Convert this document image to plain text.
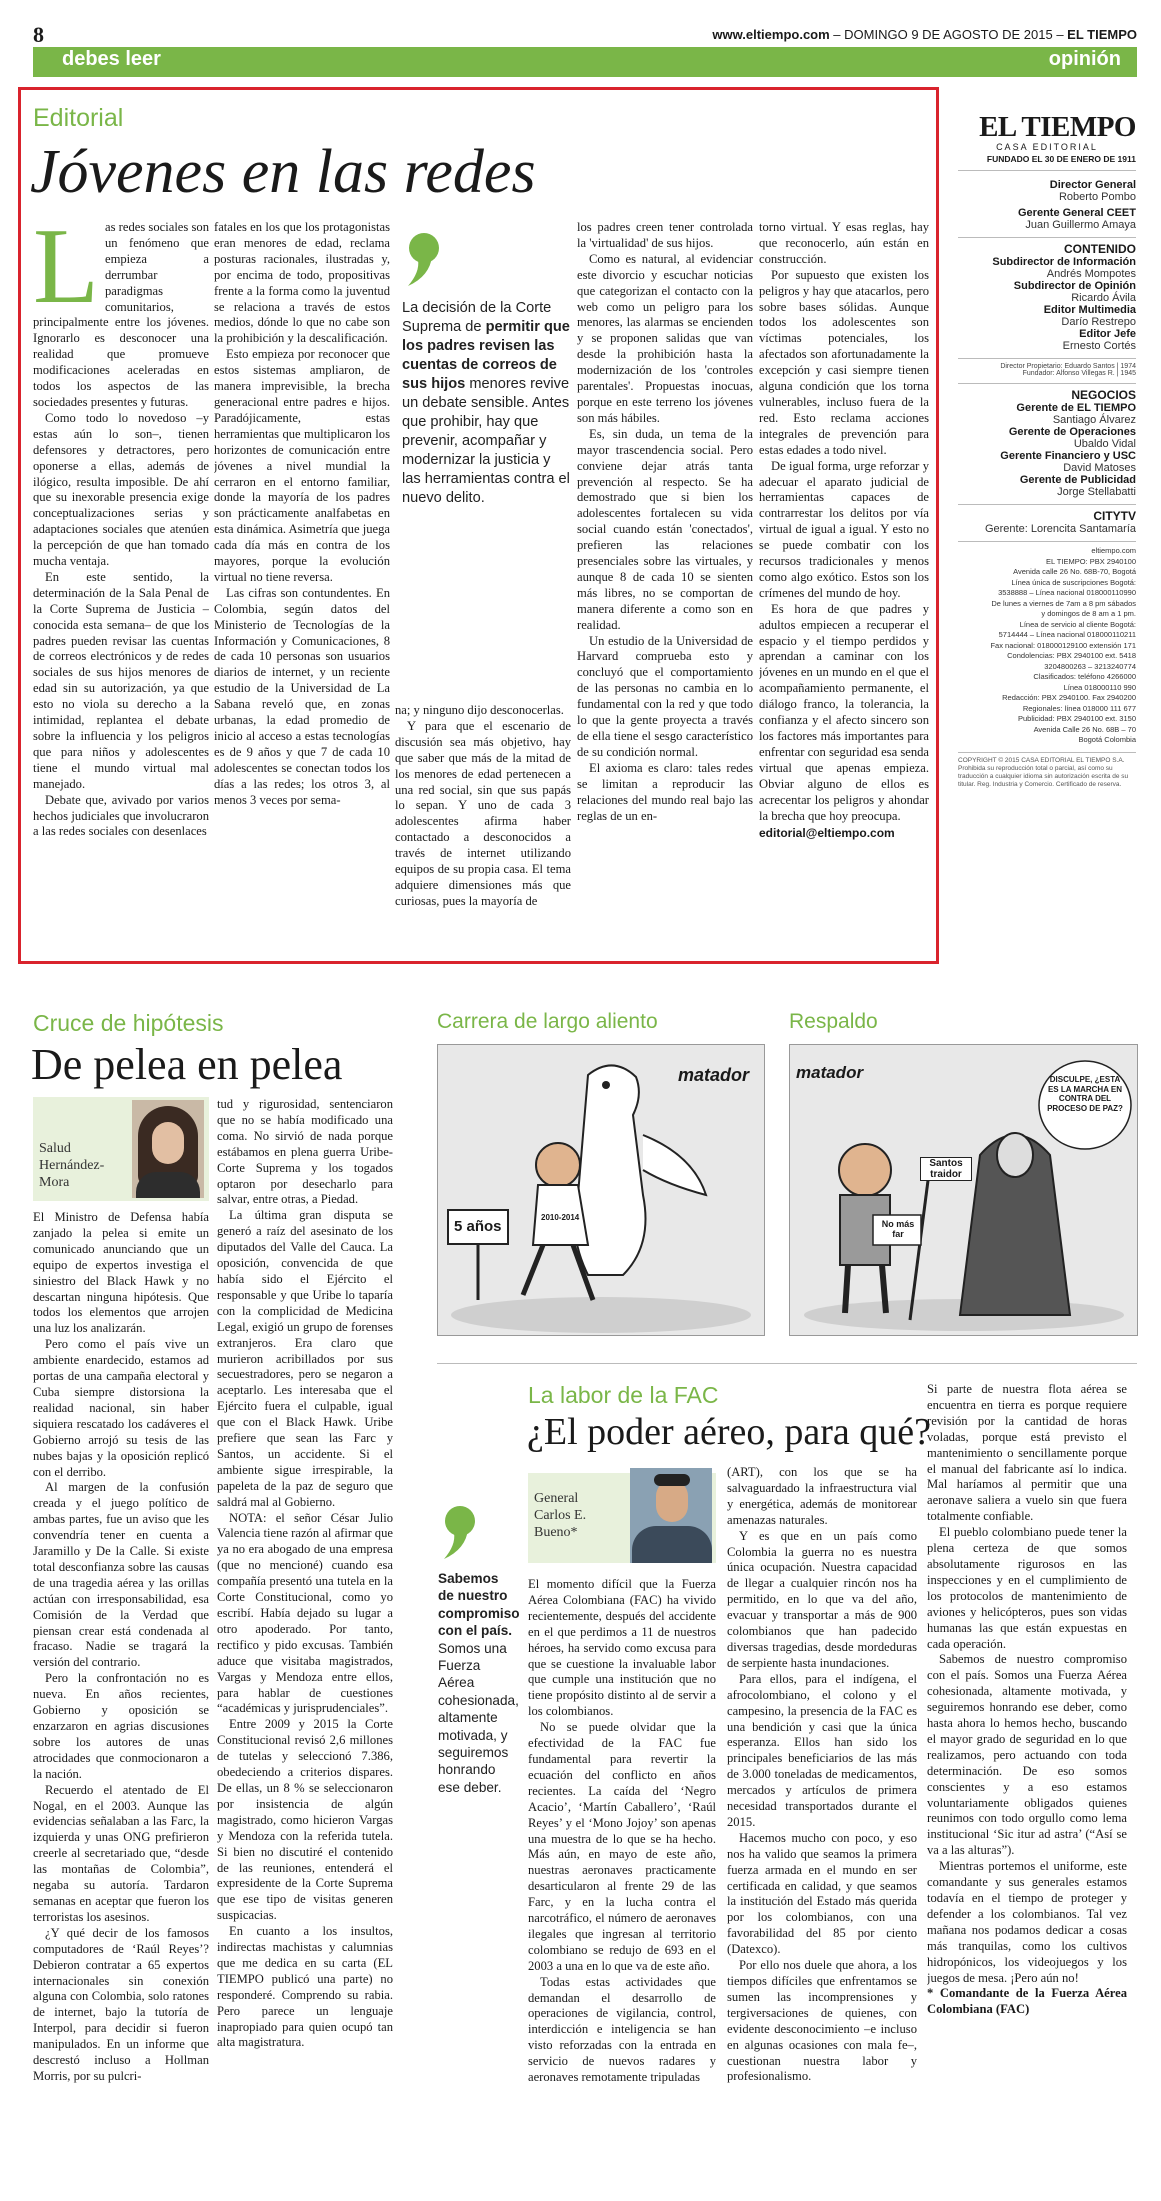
8	www.eltiempo.com – DOMINGO 9 DE AGOSTO DE 2015 – EL TIEMPO
debes leer	opinión
Editorial
Jóvenes en las redes
L as redes sociales son un fenómeno que empieza a derrumbar paradigmas comunitarios, principalmente entre los jóvenes. Ignorarlo es desconocer una realidad que promueve modificaciones aceleradas en todos los aspectos de las sociedades presentes y futuras.

Como todo lo novedoso –y estas aún lo son–, tienen defensores y detractores, pero oponerse a ellas, además de ilógico, resulta imposible. De ahí que su inexorable presencia exige conceptualizaciones serias y adaptaciones sociales que atenúen la percepción de que han tomado mucha ventaja.

En este sentido, la determinación de la Sala Penal de la Corte Suprema de Justicia –conocida esta semana– de que los padres pueden revisar las cuentas de correos electrónicos y de redes sociales de sus hijos menores de edad sin su autorización, ya que esto no viola su derecho a la intimidad, replantea el debate sobre la influencia y los peligros que para niños y adolescentes tiene el mundo virtual mal manejado.

Debate que, avivado por varios hechos judiciales que involucraron a las redes sociales con desenlaces

fatales en los que los protagonistas eran menores de edad, reclama posturas racionales, ilustradas y, por encima de todo, propositivas frente a la forma como la juventud se relaciona a través de estos medios, dónde lo que no cabe son la prohibición y la descalificación.

Esto empieza por reconocer que estos sistemas ampliaron, de manera imprevisible, la brecha generacional entre padres e hijos. Paradójicamente, estas herramientas que multiplicaron los horizontes de comunicación entre jóvenes a nivel mundial la cerraron en el entorno familiar, donde la mayoría de los padres son prácticamente analfabetas en esta dinámica. Asimetría que juega cada día más en contra de los mayores, porque la evolución virtual no tiene reversa.

Las cifras son contundentes. En Colombia, según datos del Ministerio de Tecnologías de la Información y Comunicaciones, 8 de cada 10 personas son usuarios diarios de internet, y un reciente estudio de la Universidad de La Sabana reveló que, en zonas urbanas, la edad promedio de inicio al acceso a estas tecnologías es de 9 años y que 7 de cada 10 adolescentes se conectan todos los días a las redes; los otros 3, al menos 3 veces por sema-

La decisión de la Corte Suprema de permitir que los padres revisen las cuentas de correos de sus hijos menores revive un debate sensible. Antes que prohibir, hay que prevenir, acompañar y modernizar la justicia y las herramientas contra el nuevo delito.

na; y ninguno dijo desconocerlas.

Y para que el escenario de discusión sea más objetivo, hay que saber que más de la mitad de los menores de edad pertenecen a una red social, sin que sus papás lo sepan. Y uno de cada 3 adolescentes afirma haber contactado a desconocidos a través de internet utilizando equipos de su propia casa. El tema adquiere dimensiones más que curiosas, pues la mayoría de

los padres creen tener controlada la 'virtualidad' de sus hijos.

Como es natural, al evidenciar este divorcio y escuchar noticias que categorizan el contacto con la web como un peligro para los menores, las alarmas se encienden y se proponen salidas que van desde la prohibición hasta la modernización de los 'controles parentales'. Propuestas inocuas, porque en este terreno los jóvenes son más hábiles.

Es, sin duda, un tema de la mayor trascendencia social. Pero conviene dejar atrás tanta prevención al respecto. Se ha demostrado que si bien los adolescentes fortalecen su vida social cuando están 'conectados', prefieren las relaciones presenciales sobre las virtuales, y aunque 8 de cada 10 se sienten más libres, no se comportan de manera diferente a como son en realidad.

Un estudio de la Universidad de Harvard comprueba esto y concluyó que el comportamiento de las personas no cambia en lo fundamental con la red y que todo lo que la gente proyecta a través de ella tiene el sesgo característico de su condición normal.

El axioma es claro: tales redes se limitan a reproducir las relaciones del mundo real bajo las reglas de un en-

torno virtual. Y esas reglas, hay que reconocerlo, aún están en construcción.

Por supuesto que existen los peligros y hay que atacarlos, pero sobre bases sólidas. Aunque todos los adolescentes son víctimas potenciales, los afectados son afortunadamente la excepción y casi siempre tienen alguna condición que los torna vulnerables, incluso fuera de la red. Esto reclama acciones integrales de prevención para estas edades a todo nivel.

De igual forma, urge reforzar y adecuar el aparato judicial de herramientas capaces de contrarrestar los delitos por vía virtual de igual a igual. Y esto no se puede combatir con los recursos tradicionales y menos como algo exótico. Estos son los crímenes del mundo de hoy.

Es hora de que padres y adultos empiecen a recuperar el espacio y el tiempo perdidos y aprendan a caminar con los jóvenes en un mundo en el que el acompañamiento permanente, el diálogo franco, la tolerancia, la confianza y el afecto sincero son los factores más importantes para enfrentar con seguridad esa senda virtual que apenas empieza. Obviar alguno de ellos es acrecentar los peligros y ahondar la brecha que hoy preocupa.

editorial@eltiempo.com

EL TIEMPO
CASA EDITORIAL
FUNDADO EL 30 DE ENERO DE 1911
Director General
Roberto Pombo
Gerente General CEET
Juan Guillermo Amaya
CONTENIDO
Subdirector de Información
Andrés Mompotes
Subdirector de Opinión
Ricardo Ávila
Editor Multimedia
Darío Restrepo
Editor Jefe
Ernesto Cortés
Director Propietario: Eduardo Santos | 1974
Fundador: Alfonso Villegas R. | 1945
NEGOCIOS
Gerente de EL TIEMPO
Santiago Álvarez
Gerente de Operaciones
Ubaldo Vidal
Gerente Financiero y USC
David Matoses
Gerente de Publicidad
Jorge Stellabatti
CITYTV
Gerente: Lorencita Santamaría
eltiempo.com
EL TIEMPO: PBX 2940100
Avenida calle 26 No. 68B-70, Bogotá
Línea única de suscripciones Bogotá:
3538888 – Línea nacional 018000110990
De lunes a viernes de 7am a 8 pm sábados
y domingos de 8 am a 1 pm.
Línea de servicio al cliente Bogotá:
5714444 – Línea nacional 018000110211
Fax nacional: 018000129100 extensión 171
Condolencias: PBX 2940100 ext. 5418
3204800263 – 3213240774
Clasificados: teléfono 4266000
Línea 018000110 990
Redacción: PBX 2940100. Fax 2940200
Regionales: línea 018000 111 677
Publicidad: PBX 2940100 ext. 3150
Avenida Calle 26 No. 68B – 70
Bogotá Colombia
COPYRIGHT © 2015 CASA EDITORIAL EL TIEMPO S.A. Prohibida su reproducción total o parcial, así como su traducción a cualquier idioma sin autorización escrita de su titular. Reg. Industria y Comercio. Certificado de reserva.
Cruce de hipótesis
De pelea en pelea
Salud Hernández-Mora

El Ministro de Defensa había zanjado la pelea si emite un comunicado anunciando que un equipo de expertos investiga el siniestro del Black Hawk y no descartan ninguna hipótesis. Que todos los elementos que arrojen una luz los analizarán.

Pero como el país vive un ambiente enardecido, estamos ad portas de una campaña electoral y Cuba siempre distorsiona la realidad nacional, sin haber siquiera rescatado los cadáveres el Gobierno arrojó su tesis de las nubes bajas y la oposición replicó con el derribo.

Al margen de la confusión creada y el juego político de ambas partes, fue un aviso que les convendría tener en cuenta a Jaramillo y De la Calle. Si existe total desconfianza sobre las causas de una tragedia aérea y las orillas actúan con irresponsabilidad, esa Comisión de la Verdad que piensan crear está condenada al fracaso. Nadie se tragará la versión del contrario.

Pero la confrontación no es nueva. En años recientes, Gobierno y oposición se enzarzaron en agrias discusiones sobre los autores de unas atrocidades que conmocionaron a la nación.

Recuerdo el atentado de El Nogal, en el 2003. Aunque las evidencias señalaban a las Farc, la izquierda y unas ONG prefirieron creerle al secretariado que, “desde las montañas de Colombia”, negaba su autoría. Tardaron semanas en aceptar que fueron los terroristas los asesinos.

¿Y qué decir de los famosos computadores de ‘Raúl Reyes’? Debieron contratar a 65 expertos internacionales sin conexión alguna con Colombia, solo ratones de internet, bajo la tutoría de Interpol, para decidir si fueron manipulados. En un informe que descrestó incluso a Hollman Morris, por su pulcri-

tud y rigurosidad, sentenciaron que no se había modificado una coma. No sirvió de nada porque estábamos en plena guerra Uribe-Corte Suprema y los togados optaron por desecharlo para salvar, entre otras, a Piedad.

La última gran disputa se generó a raíz del asesinato de los diputados del Valle del Cauca. La oposición, convencida de que había sido el Ejército el responsable y que Uribe lo taparía con la complicidad de Medicina Legal, exigió un grupo de forenses extranjeros. Era claro que murieron acribillados por sus secuestradores, pero se negaron a aceptarlo. Les interesaba que el Ejército fuera el culpable, igual que con el Black Hawk. Uribe prefiere que sean las Farc y Santos, un accidente. Si el ambiente sigue irrespirable, la papeleta de la paz de seguro que saldrá mal al Gobierno.

NOTA: el señor César Julio Valencia tiene razón al afirmar que ya no era abogado de una empresa (que no mencioné) cuando esa compañía presentó una tutela en la Corte Constitucional, como yo escribí. Había dejado su lugar a otro apoderado. Por tanto, rectifico y pido excusas. También aduce que visitaba magistrados, Vargas y Mendoza entre ellos, para hablar de cuestiones “académicas y jurisprudenciales”.

Entre 2009 y 2015 la Corte Constitucional revisó 2,6 millones de tutelas y seleccionó 7.386, obedeciendo a criterios dispares. De ellas, un 8 % se seleccionaron por insistencia de algún magistrado, como hicieron Vargas y Mendoza con la referida tutela. Si bien no discutiré el contenido de las reuniones, entenderá el expresidente de la Corte Suprema que ese tipo de visitas generen suspicacias.

En cuanto a los insultos, indirectas machistas y calumnias que me dedica en su carta (EL TIEMPO publicó una parte) no responderé. Comprendo su rabia. Pero parece un lenguaje inapropiado para quien ocupó tan alta magistratura.

Carrera de largo aliento
matador
5 años
2010-2014
Respaldo
matador
Santos traidor
No más far
DISCULPE, ¿ESTA ES LA MARCHA EN CONTRA DEL PROCESO DE PAZ?
La labor de la FAC
¿El poder aéreo, para qué?
Sabemos de nuestro compromiso con el país. Somos una Fuerza Aérea cohesionada, altamente motivada, y seguiremos honrando ese deber.
General Carlos E. Bueno*

El momento difícil que la Fuerza Aérea Colombiana (FAC) ha vivido recientemente, después del accidente en el que perdimos a 11 de nuestros héroes, ha servido como excusa para que se cuestione la invaluable labor que cumple una institución que no tiene propósito distinto al de servir a los colombianos.

No se puede olvidar que la efectividad de la FAC fue fundamental para revertir la ecuación del conflicto en años recientes. La caída del ‘Negro Acacio’, ‘Martín Caballero’, ‘Raúl Reyes’ y el ‘Mono Jojoy’ son apenas una muestra de lo que se ha hecho. Más aún, en mayo de este año, nuestras aeronaves practicamente desarticularon al frente 29 de las Farc, y en la lucha contra el narcotráfico, el número de aeronaves ilegales que ingresan al territorio colombiano se redujo de 693 en el 2003 a una en lo que va de este año.

Todas estas actividades que demandan el desarrollo de operaciones de vigilancia, control, interdicción e inteligencia se han visto reforzadas con la entrada en servicio de nuevos radares y aeronaves remotamente tripuladas

(ART), con los que se ha salvaguardado la infraestructura vial y energética, además de monitorear amenazas naturales.

Y es que en un país como Colombia la guerra no es nuestra única ocupación. Nuestra capacidad de llegar a cualquier rincón nos ha permitido, en lo que va del año, evacuar y transportar a más de 900 colombianos que han padecido diversas tragedias, desde mordeduras de serpiente hasta inundaciones.

Para ellos, para el indígena, el afrocolombiano, el colono y el campesino, la presencia de la FAC es una bendición y casi que la única esperanza. Ellos han sido los principales beneficiarios de las más de 3.000 toneladas de medicamentos, mercados y artículos de primera necesidad transportados durante el 2015.

Hacemos mucho con poco, y eso nos ha valido que seamos la primera fuerza armada en el mundo en ser certificada en calidad, y que seamos la institución del Estado más querida por los colombianos, con una favorabilidad del 85 por ciento (Datexco).

Por ello nos duele que ahora, a los tiempos difíciles que enfrentamos se sumen las incomprensiones y tergiversaciones de quienes, con evidente desconocimiento –e incluso en algunas ocasiones con mala fe–, cuestionan nuestra labor y profesionalismo.

Si parte de nuestra flota aérea se encuentra en tierra es porque requiere revisión por la cantidad de horas voladas, porque está previsto el mantenimiento o sencillamente porque el manual del fabricante así lo indica. Mal haríamos al permitir que una aeronave saliera a vuelo sin que fuera totalmente confiable.

El pueblo colombiano puede tener la plena certeza de que somos absolutamente rigurosos en las inspecciones y en el cumplimiento de los protocolos de mantenimiento de aviones y helicópteros, pues son vidas humanas las que están expuestas en cada operación.

Sabemos de nuestro compromiso con el país. Somos una Fuerza Aérea cohesionada, altamente motivada, y seguiremos honrando ese deber, como hasta ahora lo hemos hecho, buscando el mayor grado de seguridad en lo que realizamos, pero actuando con toda determinación. De eso somos conscientes y a eso estamos voluntariamente obligados quienes reunimos con todo orgullo como lema institucional ‘Sic itur ad astra’ (“Así se va a las alturas”).

Mientras portemos el uniforme, este comandante y sus generales estamos todavía en el tiempo de proteger y defender a los colombianos. Tal vez mañana nos podamos dedicar a cosas más tranquilas, como los cultivos hidropónicos, los videojuegos y los juegos de mesa. ¡Pero aún no!

* Comandante de la Fuerza Aérea Colombiana (FAC)
